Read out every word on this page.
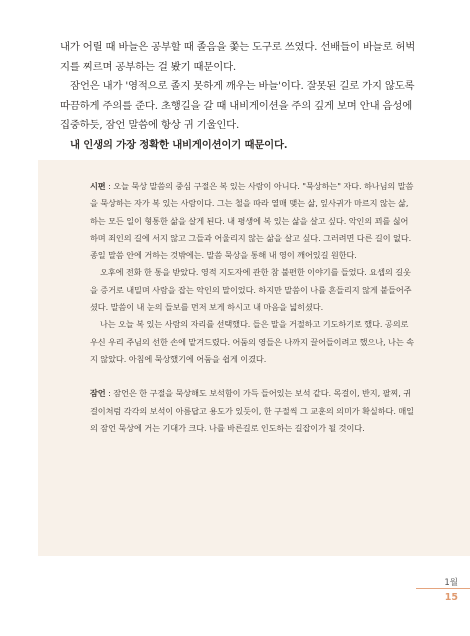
내가 어릴 때 바늘은 공부할 때 졸음을 쫓는 도구로 쓰였다. 선배들이 바늘로 허벅지를 찌르며 공부하는 걸 봤기 때문이다.

잠언은 내가 '영적으로 졸지 못하게 깨우는 바늘'이다. 잘못된 길로 가지 않도록 따끔하게 주의를 준다. 초행길을 갈 때 내비게이션을 주의 깊게 보며 안내 음성에 집중하듯, 잠언 말씀에 항상 귀 기울인다.

내 인생의 가장 정확한 내비게이션이기 때문이다.

시편 : 오늘 묵상 말씀의 중심 구절은 복 있는 사람이 아니다. "묵상하는" 자다. 하나님의 말씀을 묵상하는 자가 복 있는 사람이다. 그는 철을 따라 열매 맺는 삶, 잎사귀가 마르지 않는 삶, 하는 모든 일이 형통한 삶을 살게 된다. 내 평생에 복 있는 삶을 살고 싶다. 악인의 꾀를 싫어하며 죄인의 길에 서지 않고 그들과 어울리지 않는 삶을 살고 싶다. 그러려면 다른 길이 없다. 종일 말씀 안에 거하는 것밖에는. 말씀 묵상을 통해 내 영이 깨어있길 원한다.

오후에 전화 한 통을 받았다. 영적 지도자에 관한 참 불편한 이야기를 들었다. 요셉의 길웃을 증거로 내밀며 사람을 잡는 악인의 말이었다. 하지만 말씀이 나를 흔들리지 않게 붙들어주셨다. 말씀이 내 눈의 들보를 먼저 보게 하시고 내 마음을 넓히셨다.

나는 오늘 복 있는 사람의 자리를 선택했다. 들은 말을 거절하고 기도하기로 했다. 공의로우신 우리 주님의 선한 손에 맡겨드렸다. 어둠의 영들은 나까지 끌어들이려고 했으나, 나는 속지 않았다. 아침에 묵상했기에 어둠을 쉽게 이겼다.

잠언 : 잠언은 한 구절을 묵상해도 보석함이 가득 들어있는 보석 같다. 목걸이, 반지, 팔찌, 귀걸이처럼 각각의 보석이 아름답고 용도가 있듯이, 한 구절씩 그 교훈의 의미가 확실하다. 매일의 잠언 묵상에 거는 기대가 크다. 나를 바른길로 인도하는 길잡이가 될 것이다.

1월
15
